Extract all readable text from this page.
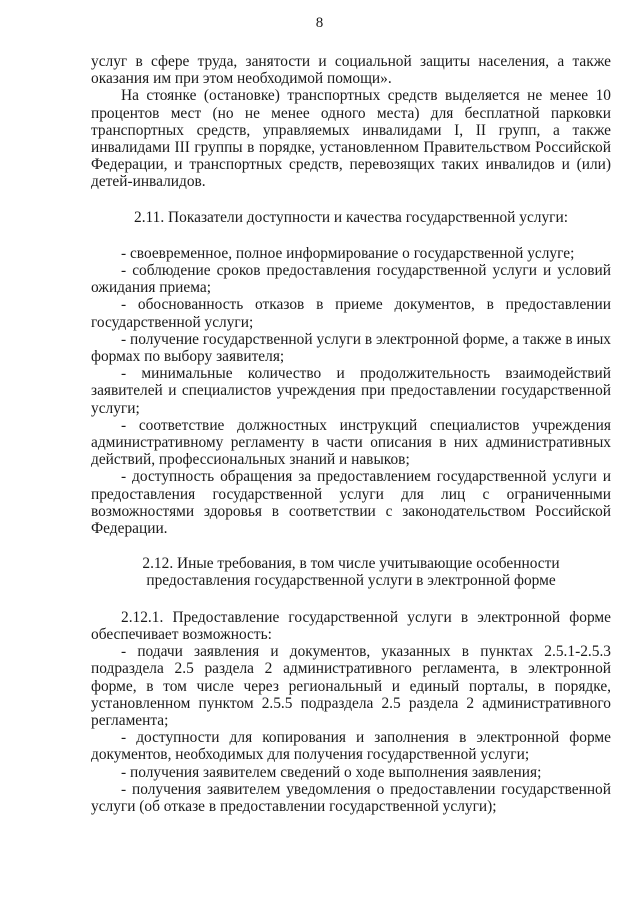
8

услуг в сфере труда, занятости и социальной защиты населения, а также оказания им при этом необходимой помощи».

На стоянке (остановке) транспортных средств выделяется не менее 10 процентов мест (но не менее одного места) для бесплатной парковки транспортных средств, управляемых инвалидами I, II групп, а также инвалидами III группы в порядке, установленном Правительством Российской Федерации, и транспортных средств, перевозящих таких инвалидов и (или) детей-инвалидов.

2.11. Показатели доступности и качества государственной услуги:

- своевременное, полное информирование о государственной услуге;

- соблюдение сроков предоставления государственной услуги и условий ожидания приема;

- обоснованность отказов в приеме документов, в предоставлении государственной услуги;

- получение государственной услуги в электронной форме, а также в иных формах по выбору заявителя;

- минимальные количество и продолжительность взаимодействий заявителей и специалистов учреждения при предоставлении государственной услуги;

- соответствие должностных инструкций специалистов учреждения административному регламенту в части описания в них административных действий, профессиональных знаний и навыков;

- доступность обращения за предоставлением государственной услуги и предоставления государственной услуги для лиц с ограниченными возможностями здоровья в соответствии с законодательством Российской Федерации.

2.12. Иные требования, в том числе учитывающие особенности предоставления государственной услуги в электронной форме

2.12.1. Предоставление государственной услуги в электронной форме обеспечивает возможность:

- подачи заявления и документов, указанных в пунктах 2.5.1-2.5.3 подраздела 2.5 раздела 2 административного регламента, в электронной форме, в том числе через региональный и единый порталы, в порядке, установленном пунктом 2.5.5 подраздела 2.5 раздела 2 административного регламента;

- доступности для копирования и заполнения в электронной форме документов, необходимых для получения государственной услуги;

- получения заявителем сведений о ходе выполнения заявления;

- получения заявителем уведомления о предоставлении государственной услуги (об отказе в предоставлении государственной услуги);
